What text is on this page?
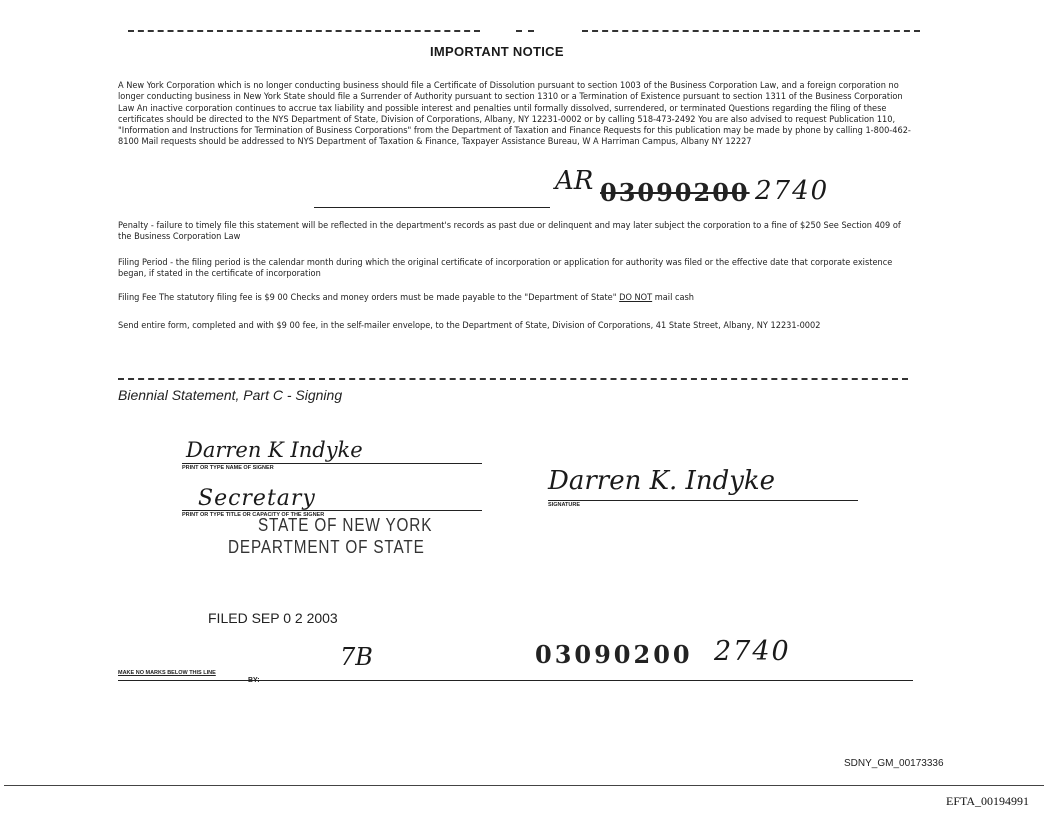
IMPORTANT NOTICE
A New York Corporation which is no longer conducting business should file a Certificate of Dissolution pursuant to section 1003 of the Business Corporation Law, and a foreign corporation no longer conducting business in New York State should file a Surrender of Authority pursuant to section 1310 or a Termination of Existence pursuant to section 1311 of the Business Corporation Law An inactive corporation continues to accrue tax liability and possible interest and penalties until formally dissolved, surrendered, or terminated Questions regarding the filing of these certificates should be directed to the NYS Department of State, Division of Corporations, Albany, NY 12231-0002 or by calling 518-473-2492 You are also advised to request Publication 110, "Information and Instructions for Termination of Business Corporations" from the Department of Taxation and Finance Requests for this publication may be made by phone by calling 1-800-462-8100 Mail requests should be addressed to NYS Department of Taxation & Finance, Taxpayer Assistance Bureau, W A Harriman Campus, Albany NY 12227
AR 03090200 2740
Penalty - failure to timely file this statement will be reflected in the department's records as past due or delinquent and may later subject the corporation to a fine of $250 See Section 409 of the Business Corporation Law
Filing Period - the filing period is the calendar month during which the original certificate of incorporation or application for authority was filed or the effective date that corporate existence began, if stated in the certificate of incorporation
Filing Fee The statutory filing fee is $9 00 Checks and money orders must be made payable to the "Department of State" DO NOT mail cash
Send entire form, completed and with $9 00 fee, in the self-mailer envelope, to the Department of State, Division of Corporations, 41 State Street, Albany, NY 12231-0002
Biennial Statement, Part C - Signing
Darren K Indyke
PRINT OR TYPE NAME OF SIGNER
Secretary
PRINT OR TYPE TITLE OR CAPACITY OF THE SIGNER
Darren K. Indyke
SIGNATURE
STATE OF NEW YORK
DEPARTMENT OF STATE
FILED SEP 0 2 2003
7B
MAKE NO MARKS BELOW THIS LINE
BY:
03090200 2740
SDNY_GM_00173336
EFTA_00194991
